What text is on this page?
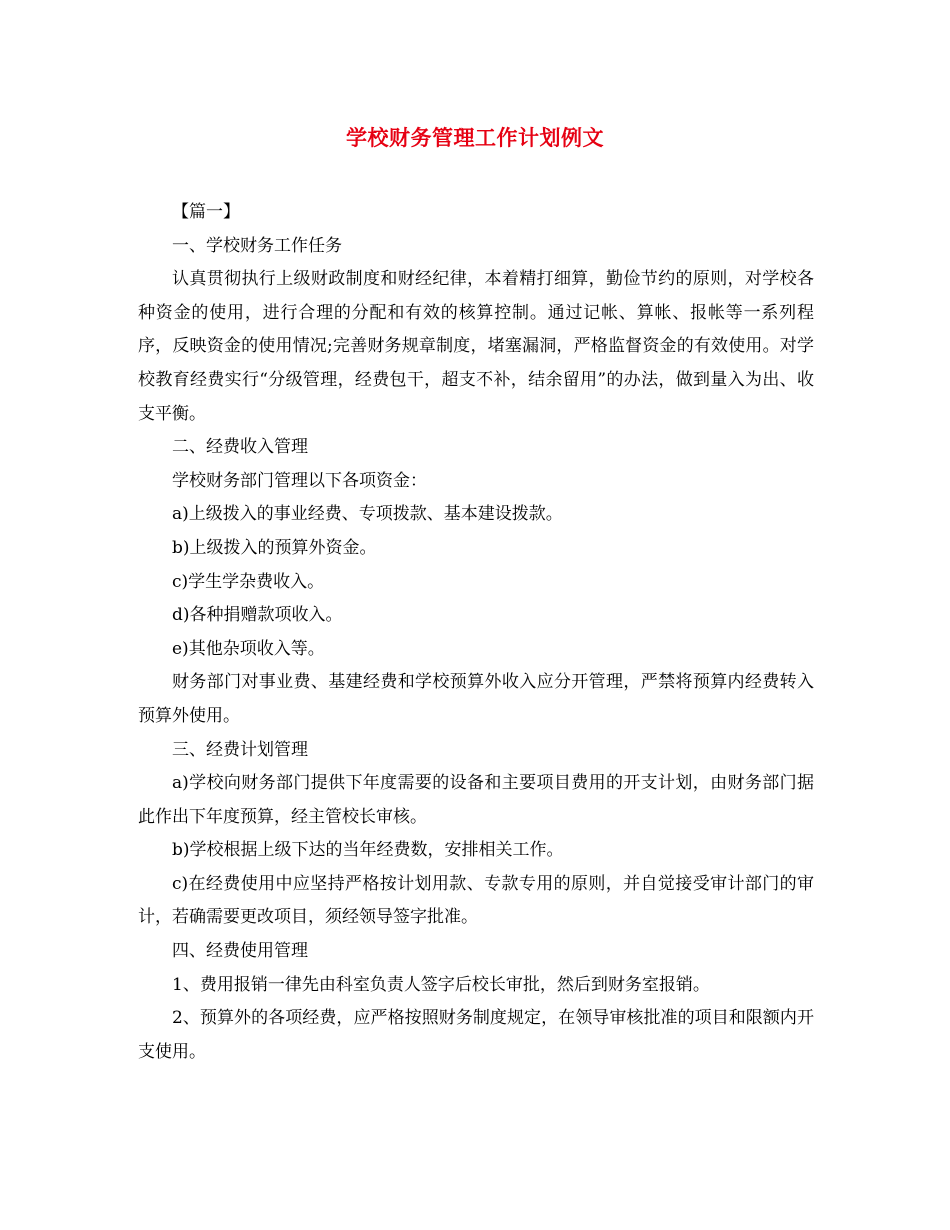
学校财务管理工作计划例文

【篇一】

一、学校财务工作任务

认真贯彻执行上级财政制度和财经纪律，本着精打细算，勤俭节约的原则，对学校各种资金的使用，进行合理的分配和有效的核算控制。通过记帐、算帐、报帐等一系列程序，反映资金的使用情况;完善财务规章制度，堵塞漏洞，严格监督资金的有效使用。对学校教育经费实行“分级管理，经费包干，超支不补，结余留用”的办法，做到量入为出、收支平衡。

二、经费收入管理

学校财务部门管理以下各项资金：

a)上级拨入的事业经费、专项拨款、基本建设拨款。

b)上级拨入的预算外资金。

c)学生学杂费收入。

d)各种捐赠款项收入。

e)其他杂项收入等。

财务部门对事业费、基建经费和学校预算外收入应分开管理，严禁将预算内经费转入预算外使用。

三、经费计划管理

a)学校向财务部门提供下年度需要的设备和主要项目费用的开支计划，由财务部门据此作出下年度预算，经主管校长审核。

b)学校根据上级下达的当年经费数，安排相关工作。

c)在经费使用中应坚持严格按计划用款、专款专用的原则，并自觉接受审计部门的审计，若确需要更改项目，须经领导签字批准。

四、经费使用管理

1、费用报销一律先由科室负责人签字后校长审批，然后到财务室报销。

2、预算外的各项经费，应严格按照财务制度规定，在领导审核批准的项目和限额内开支使用。
